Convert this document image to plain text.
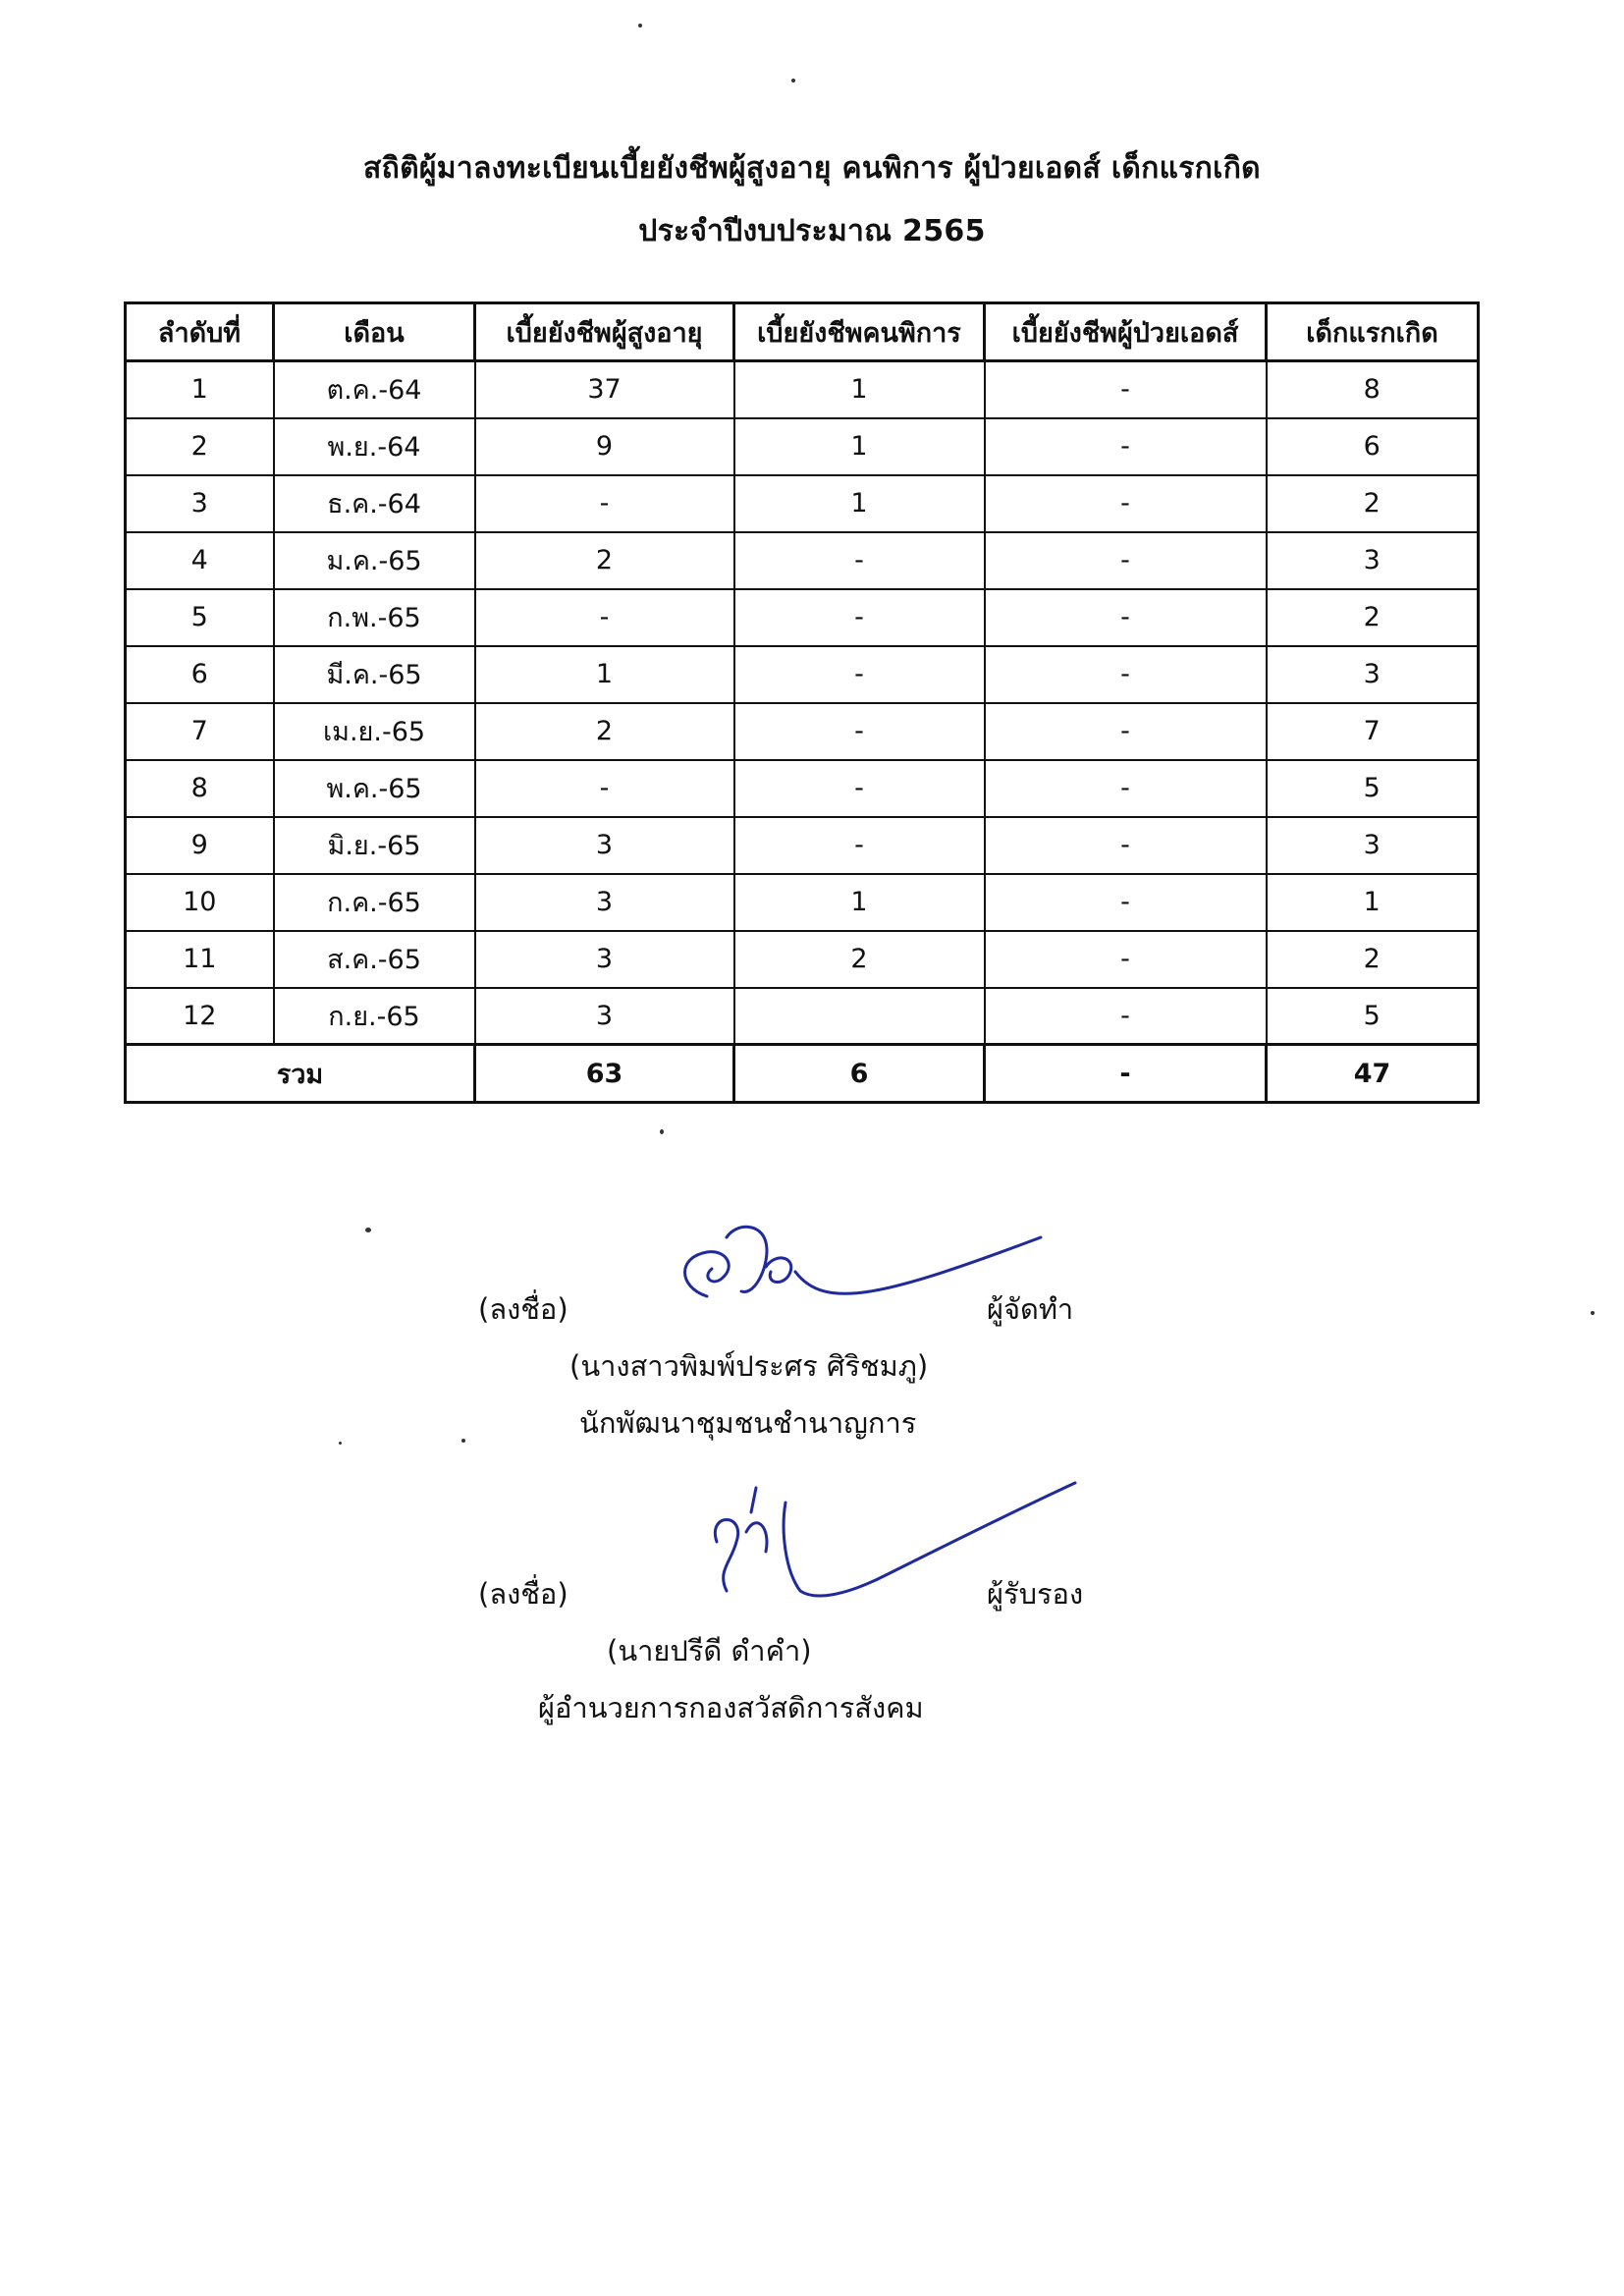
สถิติผู้มาลงทะเบียนเบี้ยยังชีพผู้สูงอายุ คนพิการ ผู้ป่วยเอดส์ เด็กแรกเกิด
ประจำปีงบประมาณ 2565
ลำดับที่	เดือน	เบี้ยยังชีพผู้สูงอายุ	เบี้ยยังชีพคนพิการ	เบี้ยยังชีพผู้ป่วยเอดส์	เด็กแรกเกิด
1	ต.ค.-64	37	1	-	8
2	พ.ย.-64	9	1	-	6
3	ธ.ค.-64	-	1	-	2
4	ม.ค.-65	2	-	-	3
5	ก.พ.-65	-	-	-	2
6	มี.ค.-65	1	-	-	3
7	เม.ย.-65	2	-	-	7
8	พ.ค.-65	-	-	-	5
9	มิ.ย.-65	3	-	-	3
10	ก.ค.-65	3	1	-	1
11	ส.ค.-65	3	2	-	2
12	ก.ย.-65	3		-	5
รวม		63	6	-	47
(ลงชื่อ)	ผู้จัดทำ
(นางสาวพิมพ์ประศร ศิริชมภู)
นักพัฒนาชุมชนชำนาญการ
(ลงชื่อ)	ผู้รับรอง
(นายปรีดี ดำคำ)
ผู้อำนวยการกองสวัสดิการสังคม
